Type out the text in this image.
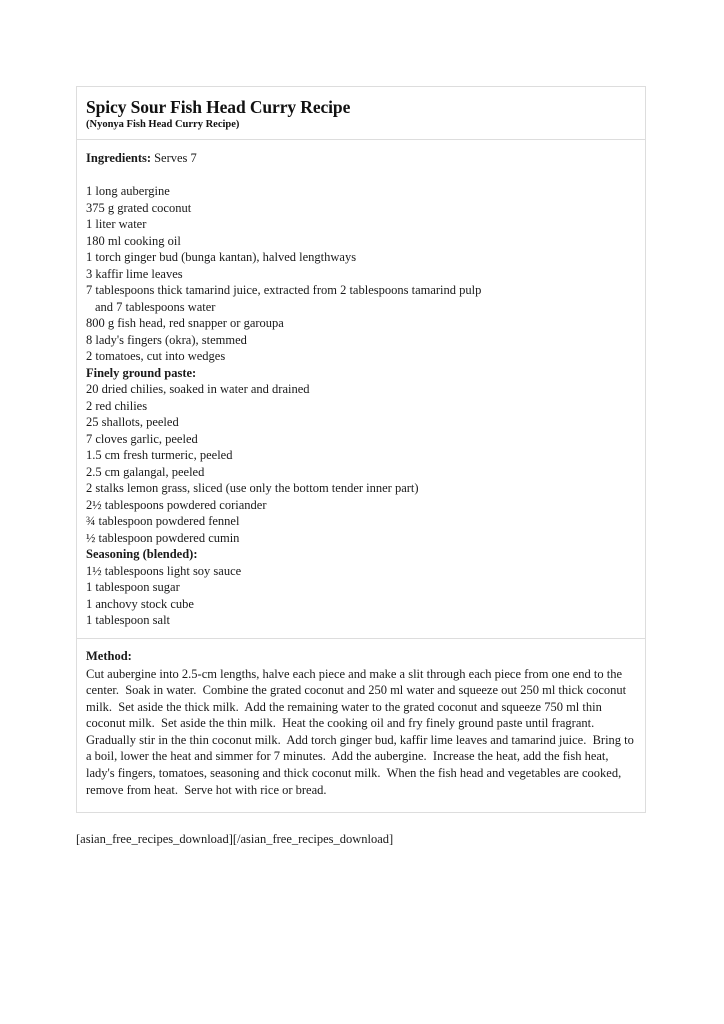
Spicy Sour Fish Head Curry Recipe
(Nyonya Fish Head Curry Recipe)
Ingredients: Serves 7
1 long aubergine
375 g grated coconut
1 liter water
180 ml cooking oil
1 torch ginger bud (bunga kantan), halved lengthways
3 kaffir lime leaves
7 tablespoons thick tamarind juice, extracted from 2 tablespoons tamarind pulp
and 7 tablespoons water
800 g fish head, red snapper or garoupa
8 lady's fingers (okra), stemmed
2 tomatoes, cut into wedges
Finely ground paste:
20 dried chilies, soaked in water and drained
2 red chilies
25 shallots, peeled
7 cloves garlic, peeled
1.5 cm fresh turmeric, peeled
2.5 cm galangal, peeled
2 stalks lemon grass, sliced (use only the bottom tender inner part)
2½ tablespoons powdered coriander
¾ tablespoon powdered fennel
½ tablespoon powdered cumin
Seasoning (blended):
1½ tablespoons light soy sauce
1 tablespoon sugar
1 anchovy stock cube
1 tablespoon salt
Method:

Cut aubergine into 2.5-cm lengths, halve each piece and make a slit through each piece from one end to the center.  Soak in water.  Combine the grated coconut and 250 ml water and squeeze out 250 ml thick coconut milk.  Set aside the thick milk.  Add the remaining water to the grated coconut and squeeze 750 ml thin coconut milk.  Set aside the thin milk.  Heat the cooking oil and fry finely ground paste until fragrant.  Gradually stir in the thin coconut milk.  Add torch ginger bud, kaffir lime leaves and tamarind juice.  Bring to a boil, lower the heat and simmer for 7 minutes.  Add the aubergine.  Increase the heat, add the fish heat, lady's fingers, tomatoes, seasoning and thick coconut milk.  When the fish head and vegetables are cooked, remove from heat.  Serve hot with rice or bread.

[asian_free_recipes_download][/asian_free_recipes_download]
